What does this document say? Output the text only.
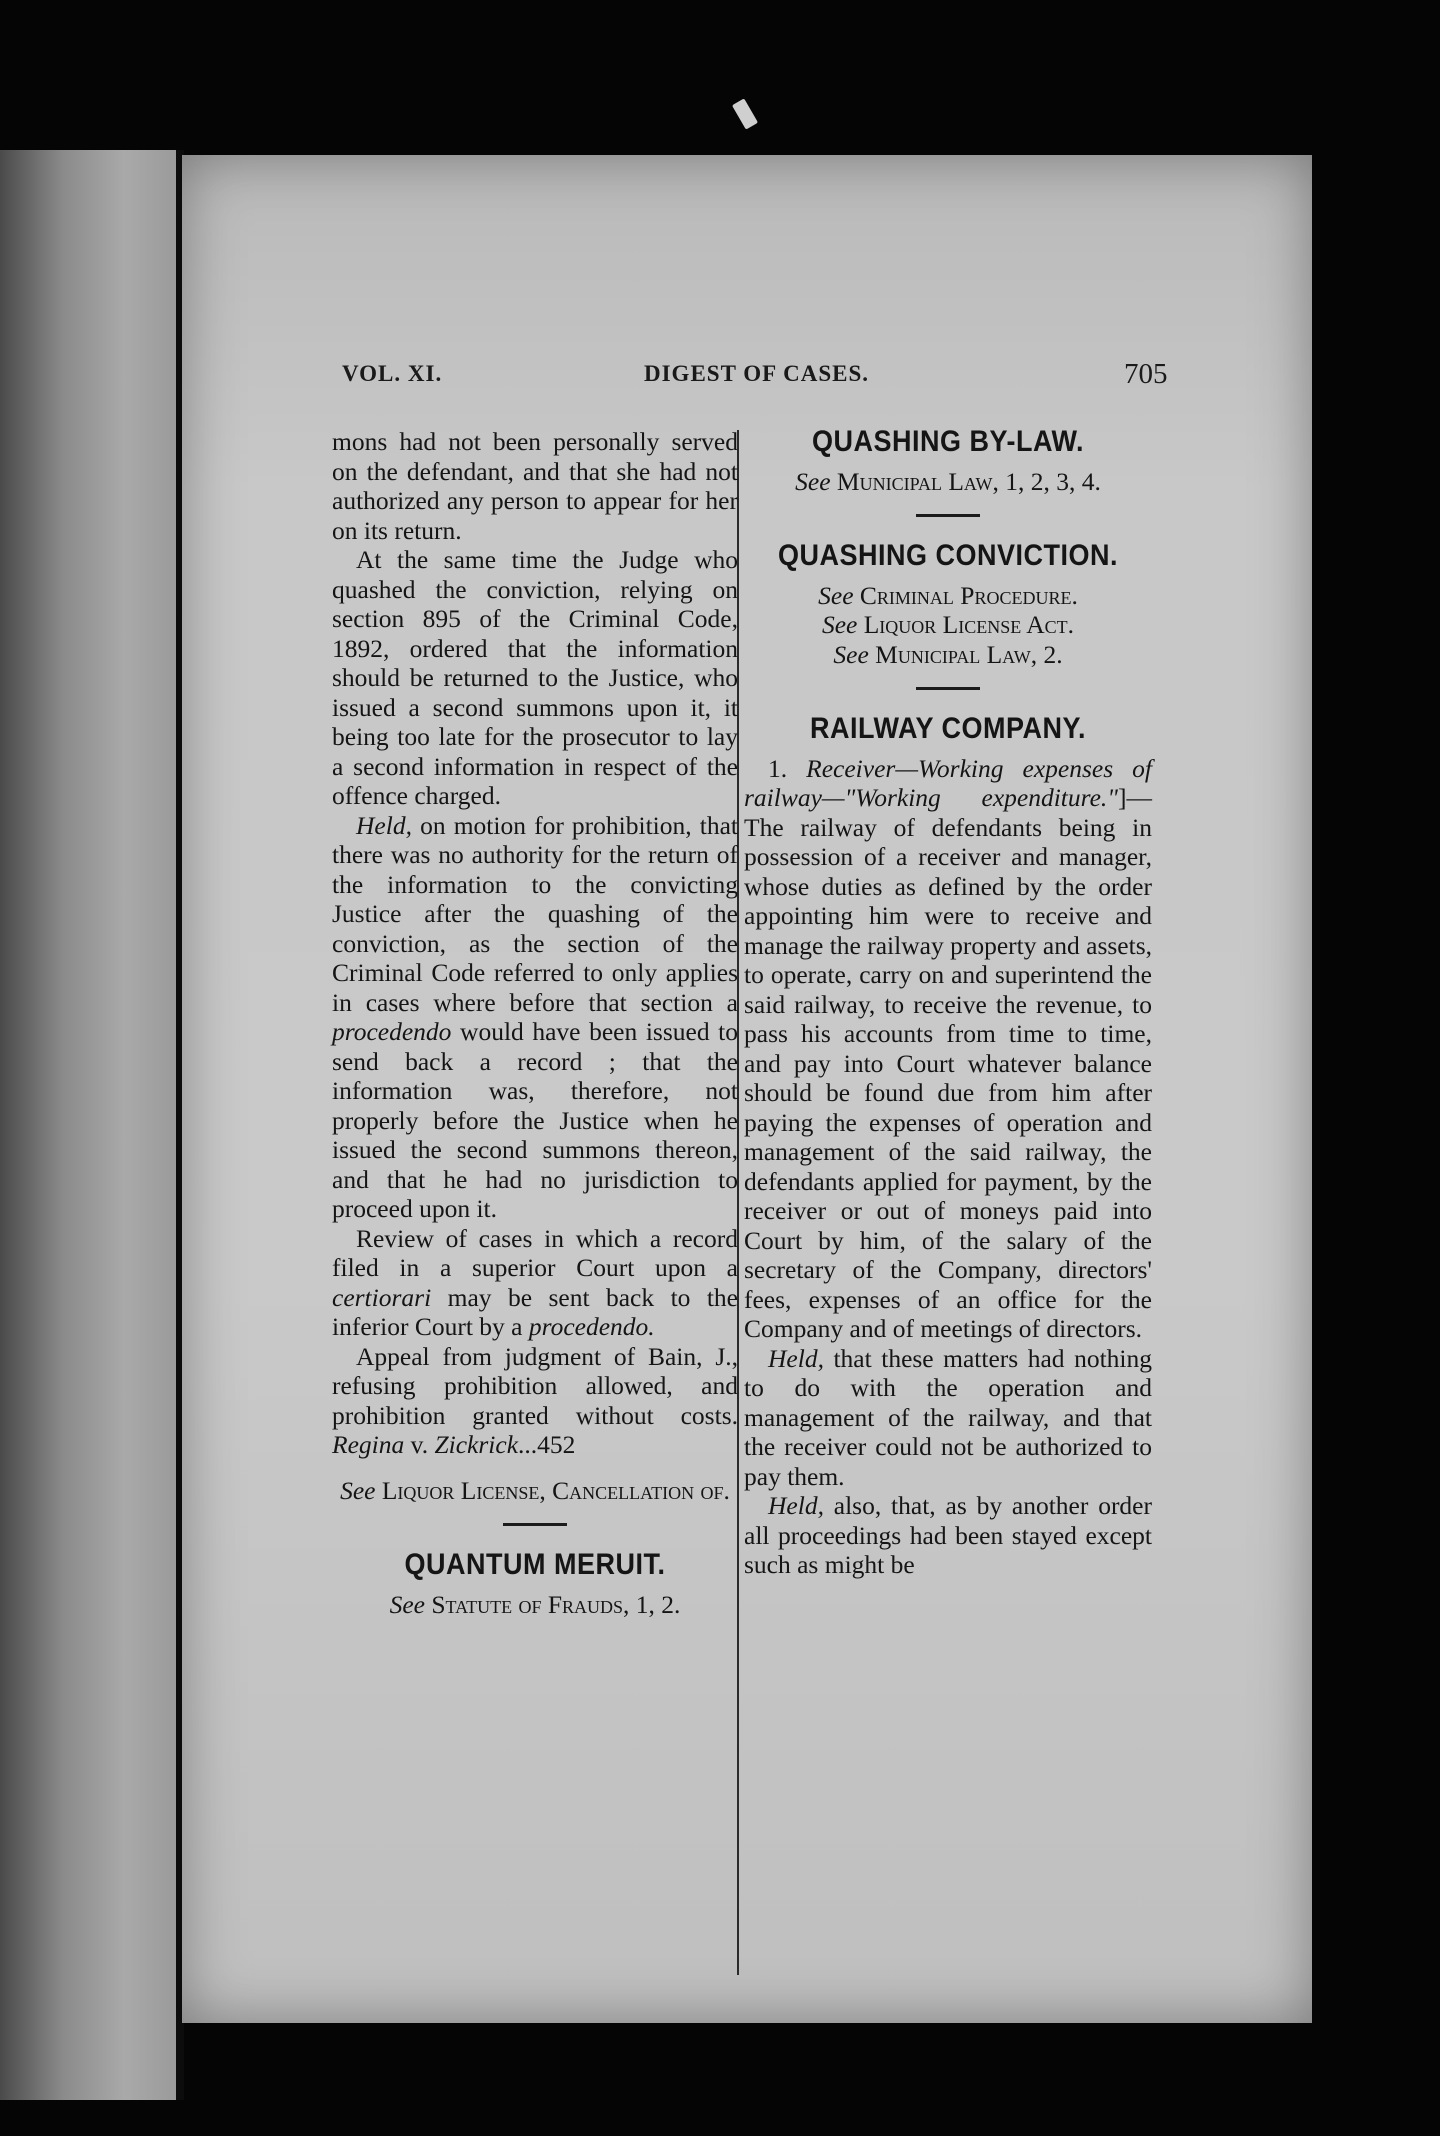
VOL. XI.	DIGEST OF CASES.	705

mons had not been personally served on the defendant, and that she had not authorized any person to appear for her on its return.

At the same time the Judge who quashed the conviction, relying on section 895 of the Criminal Code, 1892, ordered that the information should be returned to the Justice, who issued a second summons upon it, it being too late for the prosecutor to lay a second information in respect of the offence charged.

Held, on motion for prohibition, that there was no authority for the return of the information to the convicting Justice after the quashing of the conviction, as the section of the Criminal Code referred to only applies in cases where before that section a procedendo would have been issued to send back a record ; that the information was, therefore, not properly before the Justice when he issued the second summons thereon, and that he had no jurisdiction to proceed upon it.

Review of cases in which a record filed in a superior Court upon a certiorari may be sent back to the inferior Court by a procedendo.

Appeal from judgment of Bain, J., refusing prohibition allowed, and prohibition granted without costs. Regina v. Zickrick...452

See Liquor License, Cancellation of.

QUANTUM MERUIT.

See Statute of Frauds, 1, 2.

QUASHING BY-LAW.

See Municipal Law, 1, 2, 3, 4.

QUASHING CONVICTION.

See Criminal Procedure.

See Liquor License Act.

See Municipal Law, 2.

RAILWAY COMPANY.

1. Receiver—Working expenses of railway—"Working expenditure."]—The railway of defendants being in possession of a receiver and manager, whose duties as defined by the order appointing him were to receive and manage the railway property and assets, to operate, carry on and superintend the said railway, to receive the revenue, to pass his accounts from time to time, and pay into Court whatever balance should be found due from him after paying the expenses of operation and management of the said railway, the defendants applied for payment, by the receiver or out of moneys paid into Court by him, of the salary of the secretary of the Company, directors' fees, expenses of an office for the Company and of meetings of directors.

Held, that these matters had nothing to do with the operation and management of the railway, and that the receiver could not be authorized to pay them.

Held, also, that, as by another order all proceedings had been stayed except such as might be
